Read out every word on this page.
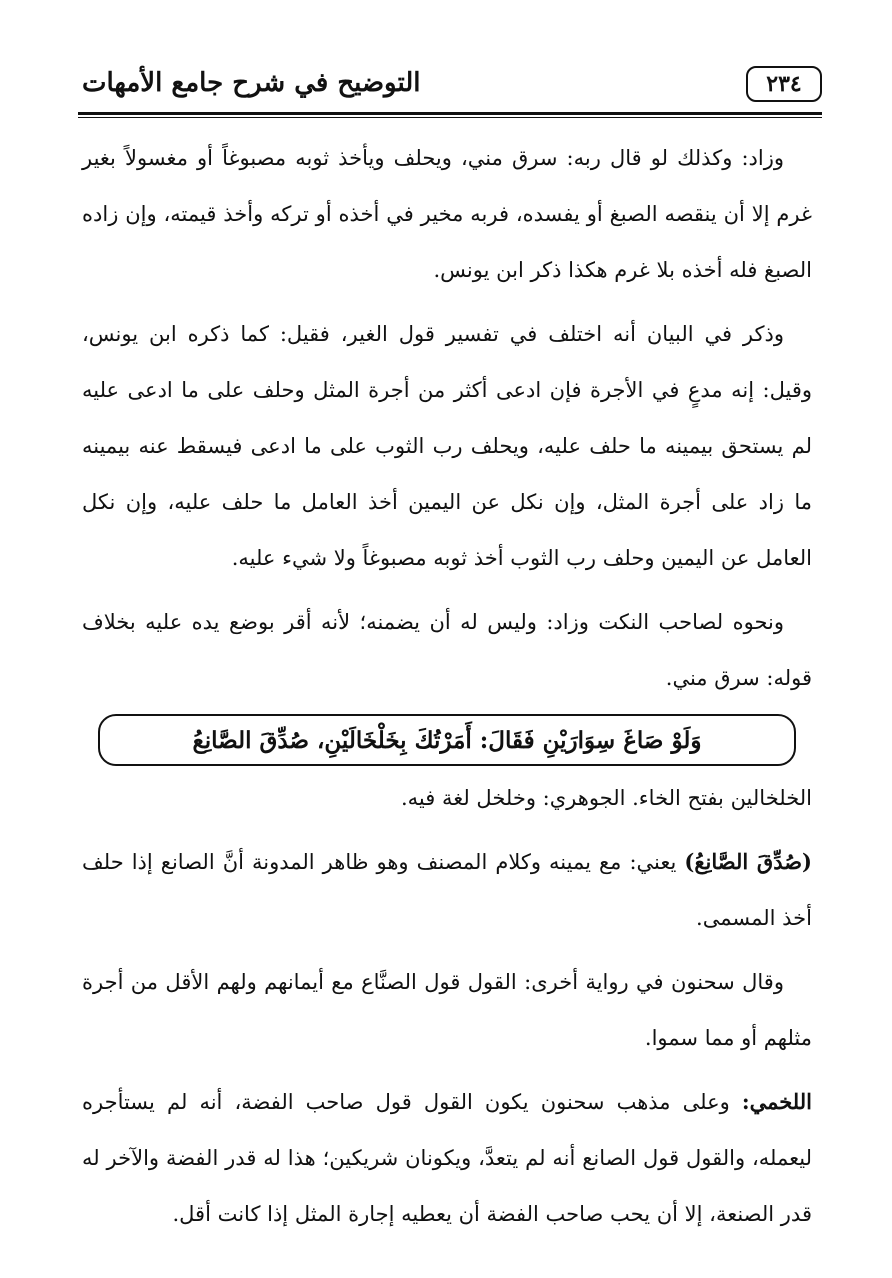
التوضيح في شرح جامع الأمهات	٢٣٤

وزاد: وكذلك لو قال ربه: سرق مني، ويحلف ويأخذ ثوبه مصبوغاً أو مغسولاً بغير غرم إلا أن ينقصه الصبغ أو يفسده، فربه مخير في أخذه أو تركه وأخذ قيمته، وإن زاده الصبغ فله أخذه بلا غرم هكذا ذكر ابن يونس.

وذكر في البيان أنه اختلف في تفسير قول الغير، فقيل: كما ذكره ابن يونس، وقيل: إنه مدعٍ في الأجرة فإن ادعى أكثر من أجرة المثل وحلف على ما ادعى عليه لم يستحق بيمينه ما حلف عليه، ويحلف رب الثوب على ما ادعى فيسقط عنه بيمينه ما زاد على أجرة المثل، وإن نكل عن اليمين أخذ العامل ما حلف عليه، وإن نكل العامل عن اليمين وحلف رب الثوب أخذ ثوبه مصبوغاً ولا شيء عليه.

ونحوه لصاحب النكت وزاد: وليس له أن يضمنه؛ لأنه أقر بوضع يده عليه بخلاف قوله: سرق مني.

وَلَوْ صَاغَ سِوَارَيْنِ فَقَالَ: أَمَرْتُكَ بِخَلْخَالَيْنِ، صُدِّقَ الصَّانِعُ

الخلخالين بفتح الخاء. الجوهري: وخلخل لغة فيه.

(صُدِّقَ الصَّانِعُ) يعني: مع يمينه وكلام المصنف وهو ظاهر المدونة أنَّ الصانع إذا حلف أخذ المسمى.

وقال سحنون في رواية أخرى: القول قول الصنَّاع مع أيمانهم ولهم الأقل من أجرة مثلهم أو مما سموا.

اللخمي: وعلى مذهب سحنون يكون القول قول صاحب الفضة، أنه لم يستأجره ليعمله، والقول قول الصانع أنه لم يتعدَّ، ويكونان شريكين؛ هذا له قدر الفضة والآخر له قدر الصنعة، إلا أن يحب صاحب الفضة أن يعطيه إجارة المثل إذا كانت أقل.
